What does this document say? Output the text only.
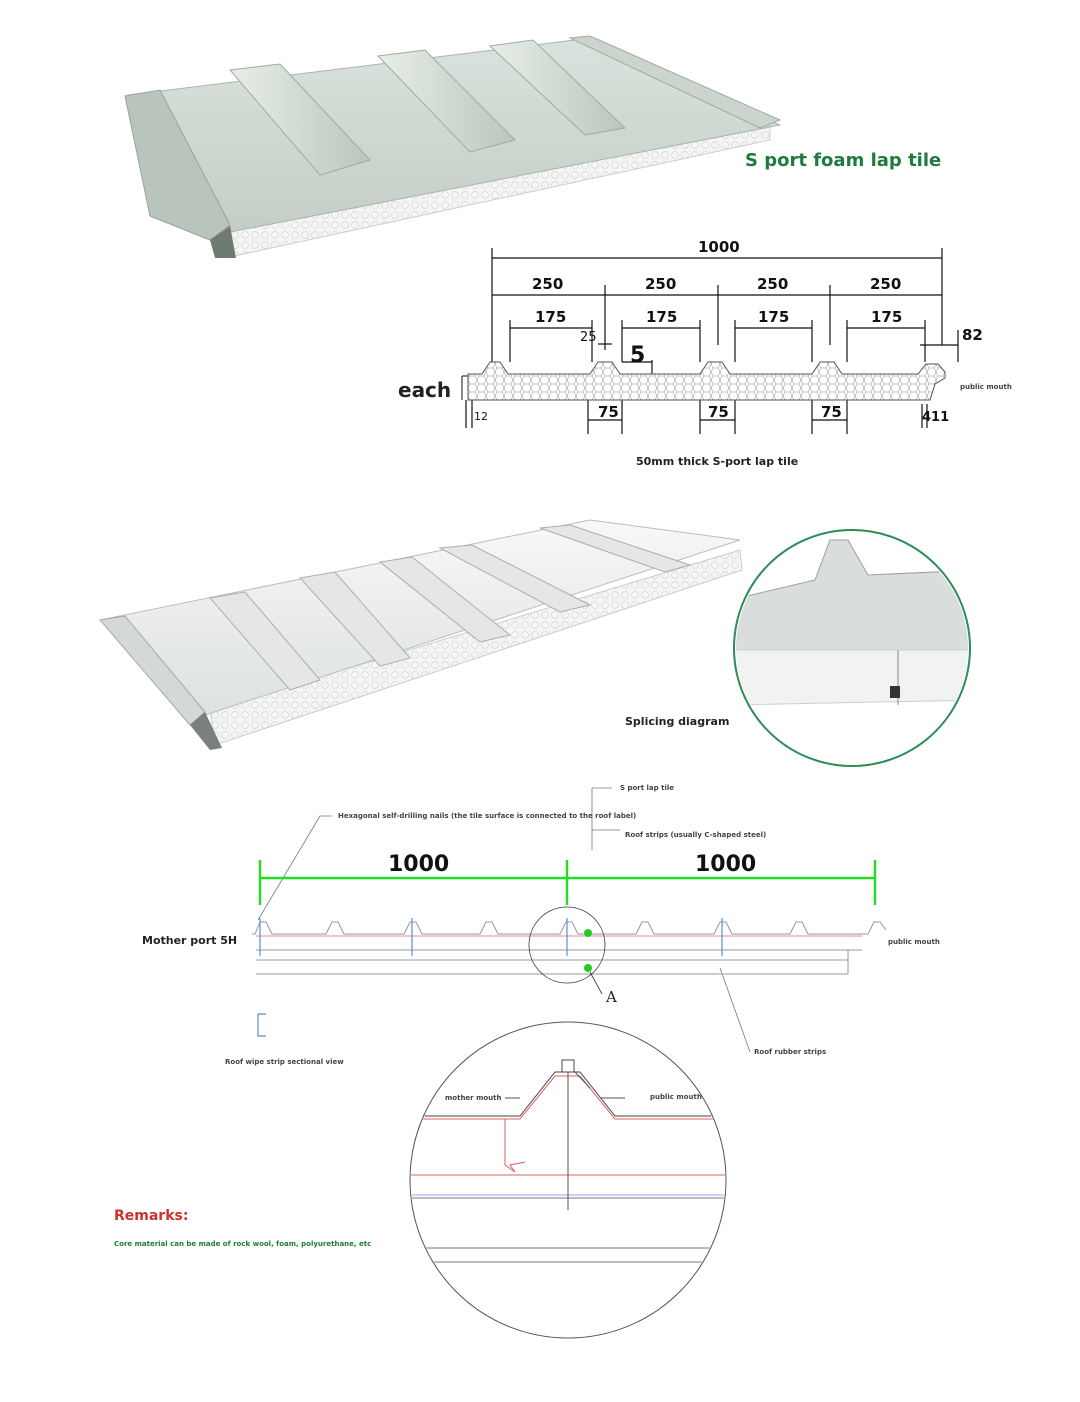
S port foam lap tile
1000
250	250	250	250
175	175	175	175
25
5
82
each
12	75	75	75	411
public mouth
50mm thick S-port lap tile
Splicing diagram
S port lap tile
Hexagonal self-drilling nails (the tile surface is connected to the roof label)
Roof strips (usually C-shaped steel)
1000	1000
Mother port 5H	public mouth
A
Roof wipe strip sectional view
Roof rubber strips
mother mouth	public mouth
Remarks:
Core material can be made of rock wool, foam, polyurethane, etc
